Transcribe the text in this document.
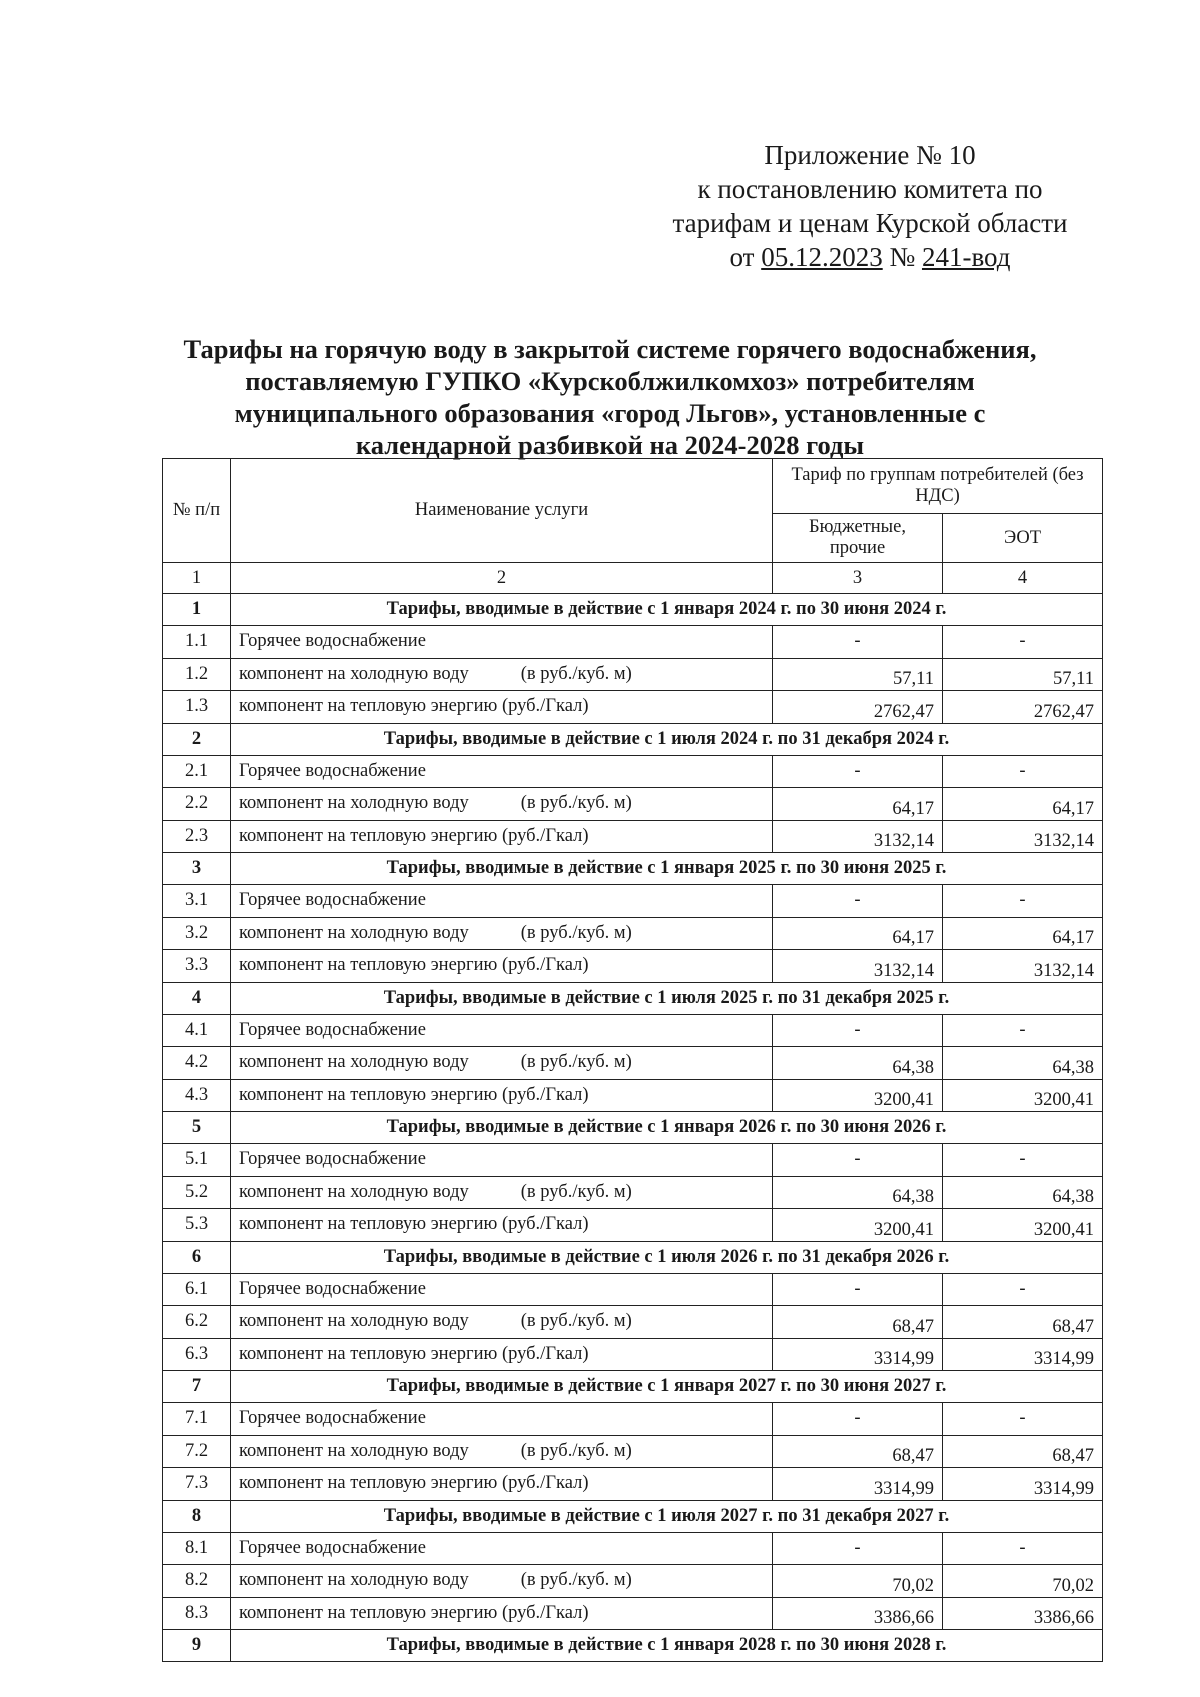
Приложение № 10
к постановлению комитета по
тарифам и ценам Курской области
от 05.12.2023 № 241-вод
Тарифы на горячую воду в закрытой системе горячего водоснабжения,
поставляемую ГУПКО «Курскоблжилкомхоз» потребителям
муниципального образования «город Льгов», установленные с
календарной разбивкой на 2024-2028 годы
№ п/п	Наименование услуги	Тариф по группам потребителей (без НДС)	
		Бюджетные, прочие	ЭОТ
1	2	3	4
1	Тарифы, вводимые в действие с 1 января 2024 г. по 30 июня 2024 г.		
1.1	Горячее водоснабжение	-	-
1.2	компонент на холодную воду (в руб./куб. м)	57,11	57,11
1.3	компонент на тепловую энергию (руб./Гкал)	2762,47	2762,47
2	Тарифы, вводимые в действие с 1 июля 2024 г. по 31 декабря 2024 г.		
2.1	Горячее водоснабжение	-	-
2.2	компонент на холодную воду (в руб./куб. м)	64,17	64,17
2.3	компонент на тепловую энергию (руб./Гкал)	3132,14	3132,14
3	Тарифы, вводимые в действие с 1 января 2025 г. по 30 июня 2025 г.		
3.1	Горячее водоснабжение	-	-
3.2	компонент на холодную воду (в руб./куб. м)	64,17	64,17
3.3	компонент на тепловую энергию (руб./Гкал)	3132,14	3132,14
4	Тарифы, вводимые в действие с 1 июля 2025 г. по 31 декабря 2025 г.		
4.1	Горячее водоснабжение	-	-
4.2	компонент на холодную воду (в руб./куб. м)	64,38	64,38
4.3	компонент на тепловую энергию (руб./Гкал)	3200,41	3200,41
5	Тарифы, вводимые в действие с 1 января 2026 г. по 30 июня 2026 г.		
5.1	Горячее водоснабжение	-	-
5.2	компонент на холодную воду (в руб./куб. м)	64,38	64,38
5.3	компонент на тепловую энергию (руб./Гкал)	3200,41	3200,41
6	Тарифы, вводимые в действие с 1 июля 2026 г. по 31 декабря 2026 г.		
6.1	Горячее водоснабжение	-	-
6.2	компонент на холодную воду (в руб./куб. м)	68,47	68,47
6.3	компонент на тепловую энергию (руб./Гкал)	3314,99	3314,99
7	Тарифы, вводимые в действие с 1 января 2027 г. по 30 июня 2027 г.		
7.1	Горячее водоснабжение	-	-
7.2	компонент на холодную воду (в руб./куб. м)	68,47	68,47
7.3	компонент на тепловую энергию (руб./Гкал)	3314,99	3314,99
8	Тарифы, вводимые в действие с 1 июля 2027 г. по 31 декабря 2027 г.		
8.1	Горячее водоснабжение	-	-
8.2	компонент на холодную воду (в руб./куб. м)	70,02	70,02
8.3	компонент на тепловую энергию (руб./Гкал)	3386,66	3386,66
9	Тарифы, вводимые в действие с 1 января 2028 г. по 30 июня 2028 г.		
